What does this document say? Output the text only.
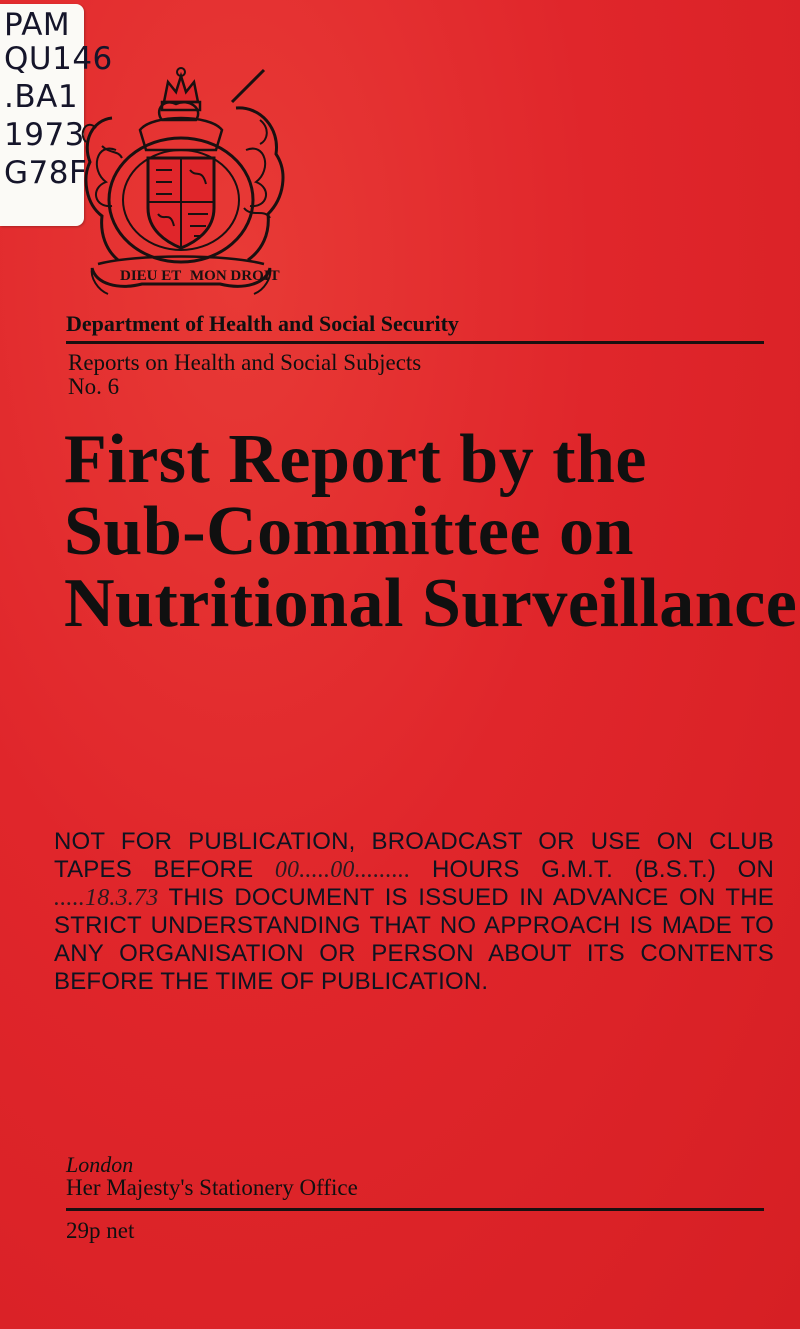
PAM
QU146
.BA1
1973
G78F
DIEU ET MON DROIT
Department of Health and Social Security
Reports on Health and Social Subjects
No. 6
First Report by the
Sub-Committee on
Nutritional Surveillance
NOT FOR PUBLICATION, BROADCAST OR USE ON CLUB TAPES BEFORE 00.....00......... HOURS G.M.T. (B.S.T.) ON .....18.3.73 THIS DOCUMENT IS ISSUED IN ADVANCE ON THE STRICT UNDERSTANDING THAT NO APPROACH IS MADE TO ANY ORGANISATION OR PERSON ABOUT ITS CONTENTS BEFORE THE TIME OF PUBLICATION.
London
Her Majesty's Stationery Office
29p net
